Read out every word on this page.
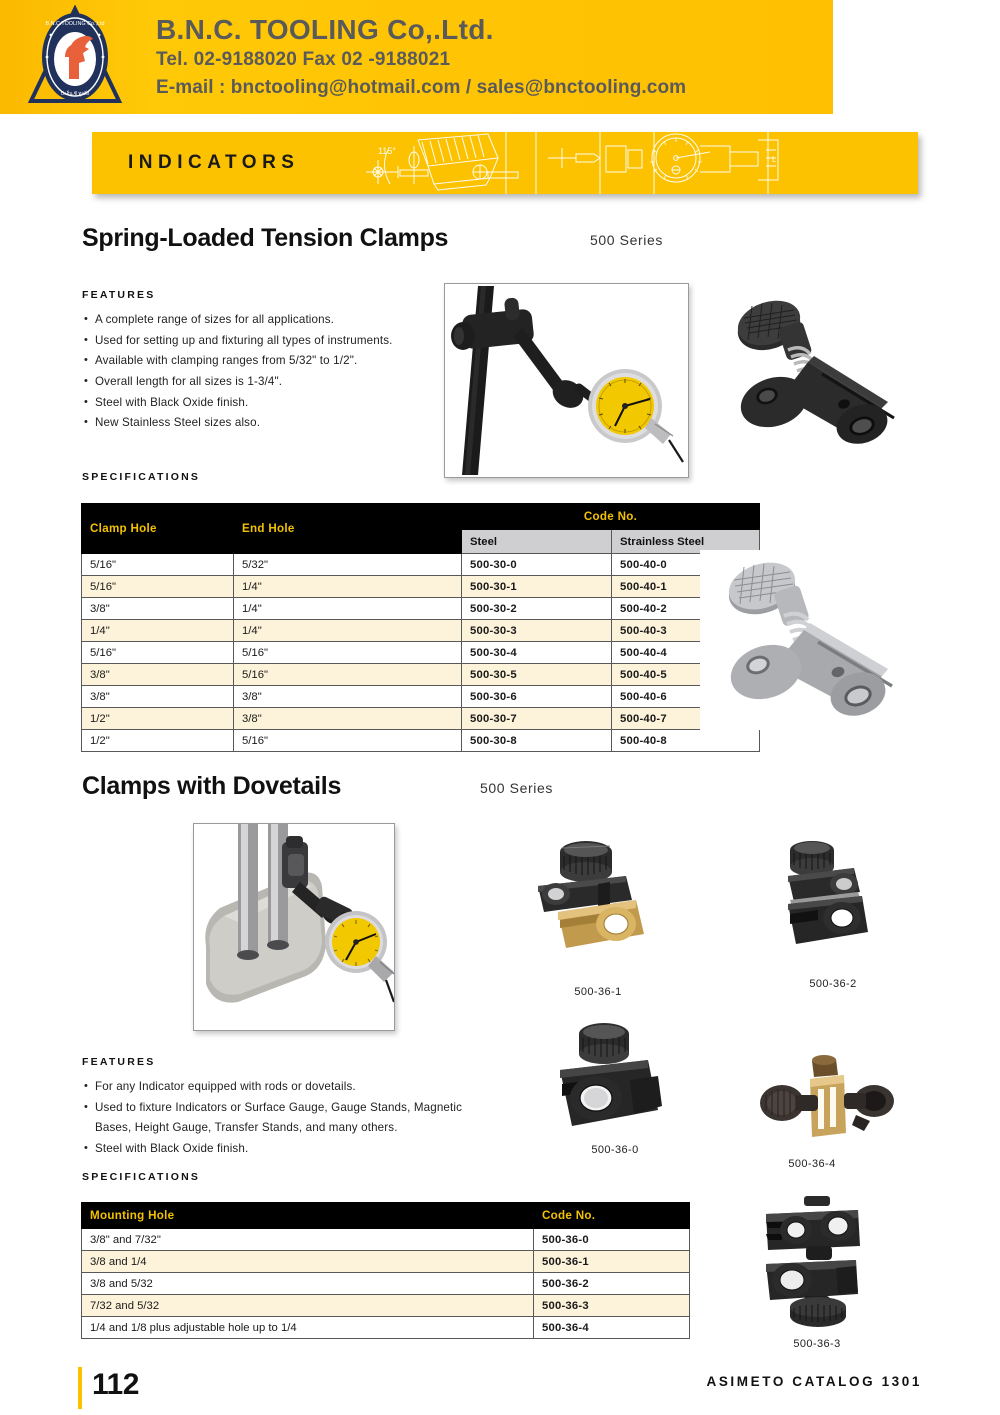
B.N.C.TOOLING Co.,Ltd
บี.เอ็น.ซี ทูลลิ่ง
B.N.C. TOOLING Co,.Ltd.
Tel. 02-9188020 Fax 02 -9188021
E-mail : bnctooling@hotmail.com / sales@bnctooling.com
115°
L
INDICATORS
Spring-Loaded Tension Clamps	500 Series
FEATURES
• A complete range of sizes for all applications.
• Used for setting up and fixturing all types of instruments.
• Available with clamping ranges from 5/32" to 1/2".
• Overall length for all sizes is 1-3/4".
• Steel with Black Oxide finish.
• New Stainless Steel sizes also.
SPECIFICATIONS
Clamp Hole	End Hole	Code No.	
		Steel	Strainless Steel
5/16"	5/32"	500-30-0	500-40-0
5/16"	1/4"	500-30-1	500-40-1
3/8"	1/4"	500-30-2	500-40-2
1/4"	1/4"	500-30-3	500-40-3
5/16"	5/16"	500-30-4	500-40-4
3/8"	5/16"	500-30-5	500-40-5
3/8"	3/8"	500-30-6	500-40-6
1/2"	3/8"	500-30-7	500-40-7
1/2"	5/16"	500-30-8	500-40-8
Clamps with Dovetails	500 Series
500-36-1
500-36-2
FEATURES
• For any Indicator equipped with rods or dovetails.
• Used to fixture Indicators or Surface Gauge, Gauge Stands, Magnetic
Bases, Height Gauge, Transfer Stands, and many others.
• Steel with Black Oxide finish.	500-36-0
500-36-4
SPECIFICATIONS
Mounting Hole	Code No.
3/8" and 7/32"	500-36-0
3/8 and 1/4	500-36-1
3/8 and 5/32	500-36-2
7/32 and 5/32	500-36-3
1/4 and 1/8 plus adjustable hole up to 1/4	500-36-4
500-36-3
112	ASIMETO CATALOG 1301
